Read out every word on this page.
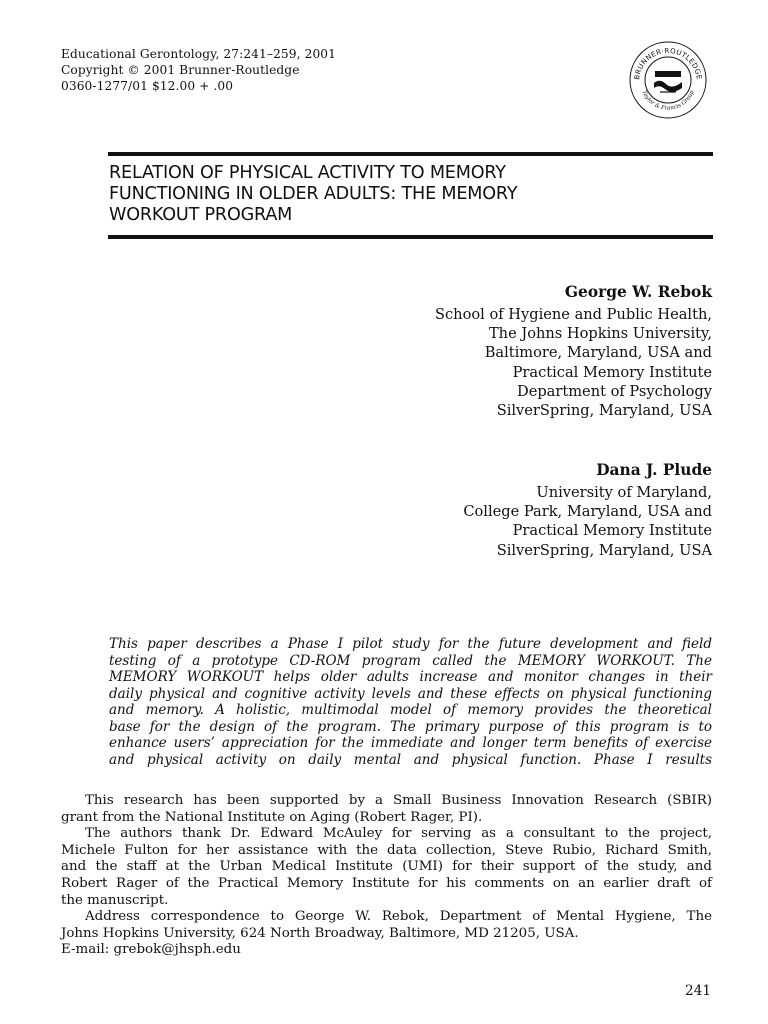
Educational Gerontology, 27:241–259, 2001
Copyright © 2001 Brunner-Routledge
0360-1277/01 $12.00 + .00
BRUNNER·ROUTLEDGE
Taylor & Francis Group
RELATION OF PHYSICAL ACTIVITY TO MEMORY
FUNCTIONING IN OLDER ADULTS: THE MEMORY
WORKOUT PROGRAM
George W. Rebok
School of Hygiene and Public Health,
The Johns Hopkins University,
Baltimore, Maryland, USA and
Practical Memory Institute
Department of Psychology
SilverSpring, Maryland, USA
Dana J. Plude
University of Maryland,
College Park, Maryland, USA and
Practical Memory Institute
SilverSpring, Maryland, USA
This paper describes a Phase I pilot study for the future development and field
testing of a prototype CD-ROM program called the MEMORY WORKOUT. The
MEMORY WORKOUT helps older adults increase and monitor changes in their
daily physical and cognitive activity levels and these effects on physical functioning
and memory. A holistic, multimodal model of memory provides the theoretical
base for the design of the program. The primary purpose of this program is to
enhance users’ appreciation for the immediate and longer term benefits of exercise
and physical activity on daily mental and physical function. Phase I results
This research has been supported by a Small Business Innovation Research (SBIR)
grant from the National Institute on Aging (Robert Rager, PI).
The authors thank Dr. Edward McAuley for serving as a consultant to the project,
Michele Fulton for her assistance with the data collection, Steve Rubio, Richard Smith,
and the staff at the Urban Medical Institute (UMI) for their support of the study, and
Robert Rager of the Practical Memory Institute for his comments on an earlier draft of
the manuscript.
Address correspondence to George W. Rebok, Department of Mental Hygiene, The
Johns Hopkins University, 624 North Broadway, Baltimore, MD 21205, USA.
E-mail: grebok@jhsph.edu
241
